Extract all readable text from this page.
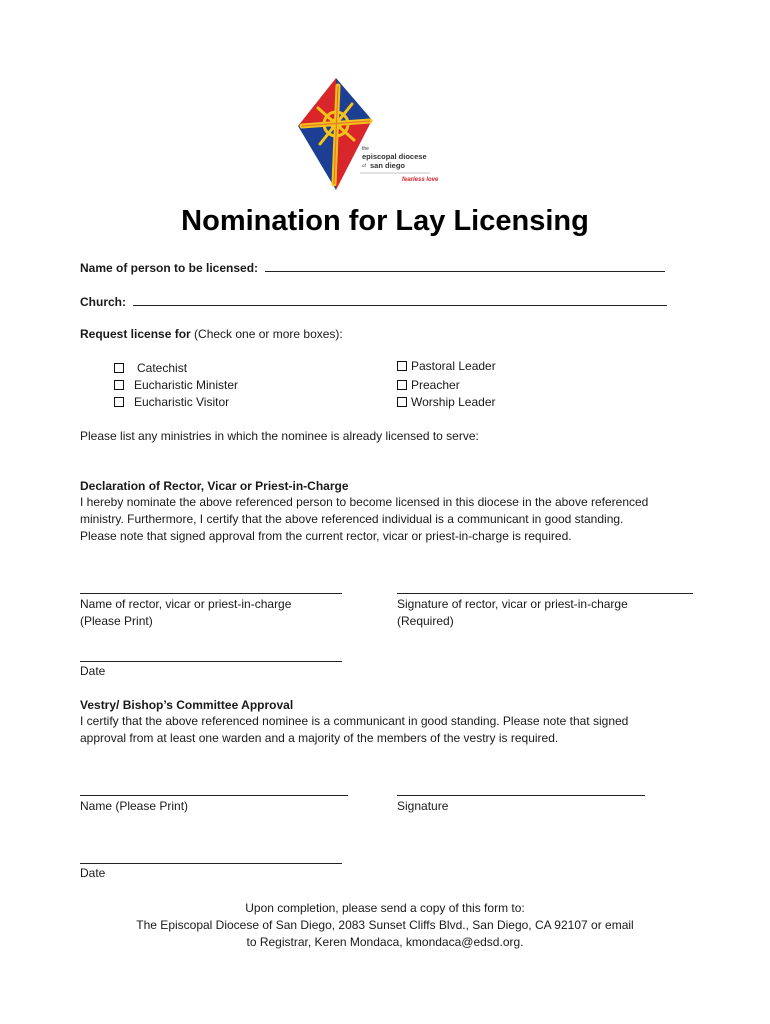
the
episcopal diocese
of san diego
fearless love
Nomination for Lay Licensing
Name of person to be licensed:
Church:
Request license for (Check one or more boxes):
Catechist
Eucharistic Minister
Eucharistic Visitor
Pastoral Leader
Preacher
Worship Leader
Please list any ministries in which the nominee is already licensed to serve:
Declaration of Rector, Vicar or Priest-in-Charge
I hereby nominate the above referenced person to become licensed in this diocese in the above referenced
ministry. Furthermore, I certify that the above referenced individual is a communicant in good standing.
Please note that signed approval from the current rector, vicar or priest-in-charge is required.
Name of rector, vicar or priest-in-charge
(Please Print)
Signature of rector, vicar or priest-in-charge
(Required)
Date
Vestry/ Bishop’s Committee Approval
I certify that the above referenced nominee is a communicant in good standing. Please note that signed
approval from at least one warden and a majority of the members of the vestry is required.
Name (Please Print)	Signature
Date
Upon completion, please send a copy of this form to:
The Episcopal Diocese of San Diego, 2083 Sunset Cliffs Blvd., San Diego, CA 92107 or email
to Registrar, Keren Mondaca, kmondaca@edsd.org.
